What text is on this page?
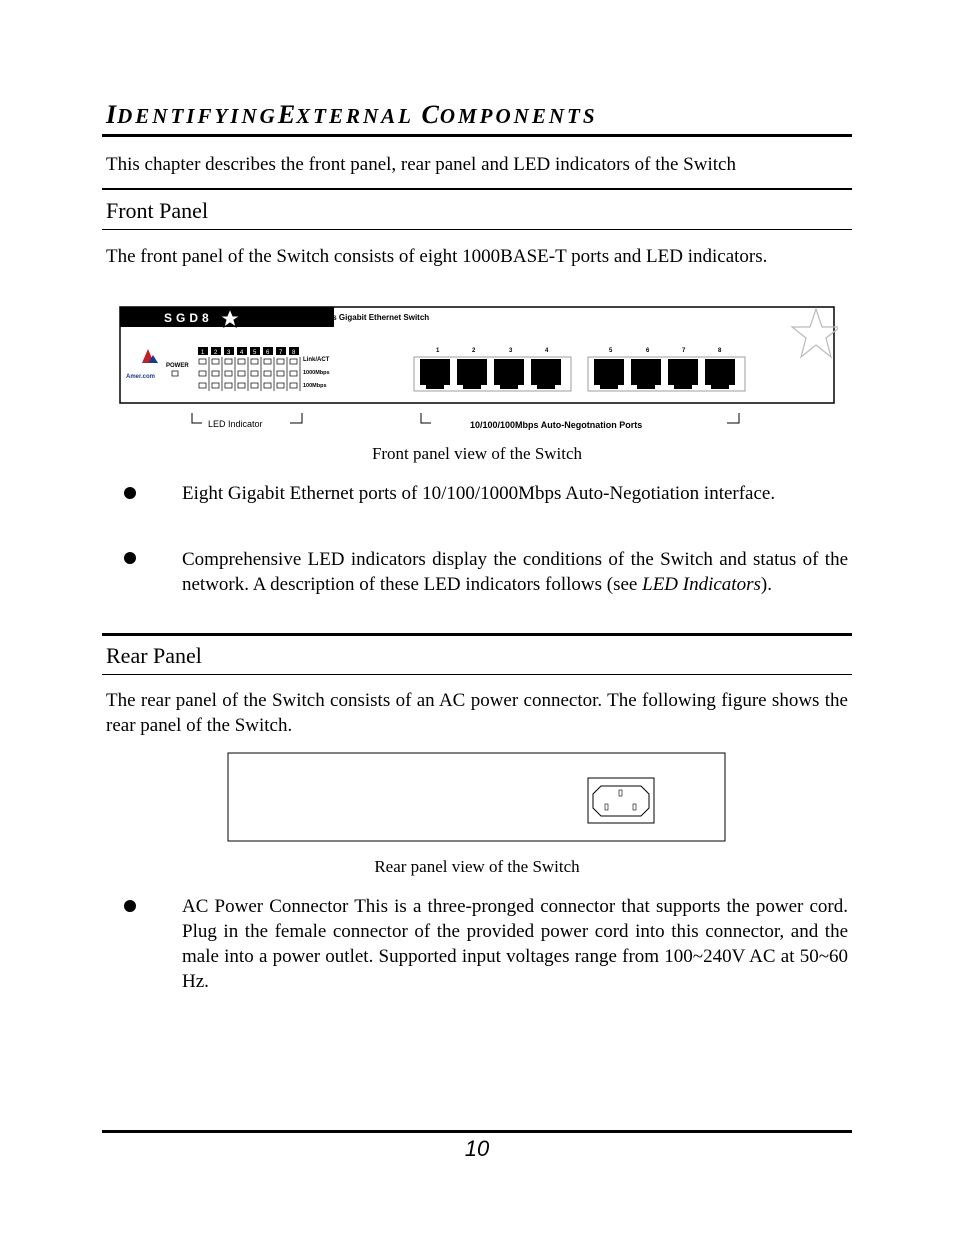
IDENTIFYINGEXTERNAL COMPONENTS
This chapter describes the front panel, rear panel and LED indicators of the Switch
Front Panel
The front panel of the Switch consists of eight 1000BASE-T ports and LED indicators.
SGD8	8-Port 10/100/1000Mbps Gigabit Ethernet Switch
Amer.com
POWER
1 2 3 4 5 6 7 8
Link/ACT
1000Mbps
100Mbps
1	2	3	4	5	6	7	8
LED Indicator	10/100/100Mbps Auto-Negotnation Ports
Front panel view of the Switch
Eight Gigabit Ethernet ports of 10/100/1000Mbps Auto-Negotiation interface.
Comprehensive LED indicators display the conditions of the Switch and status of the network. A description of these LED indicators follows (see LED Indicators).
Rear Panel
The rear panel of the Switch consists of an AC power connector. The following figure shows the rear panel of the Switch.
Rear panel view of the Switch
AC Power Connector This is a three-pronged connector that supports the power cord. Plug in the female connector of the provided power cord into this connector, and the male into a power outlet. Supported input voltages range from 100~240V AC at 50~60 Hz.
10
